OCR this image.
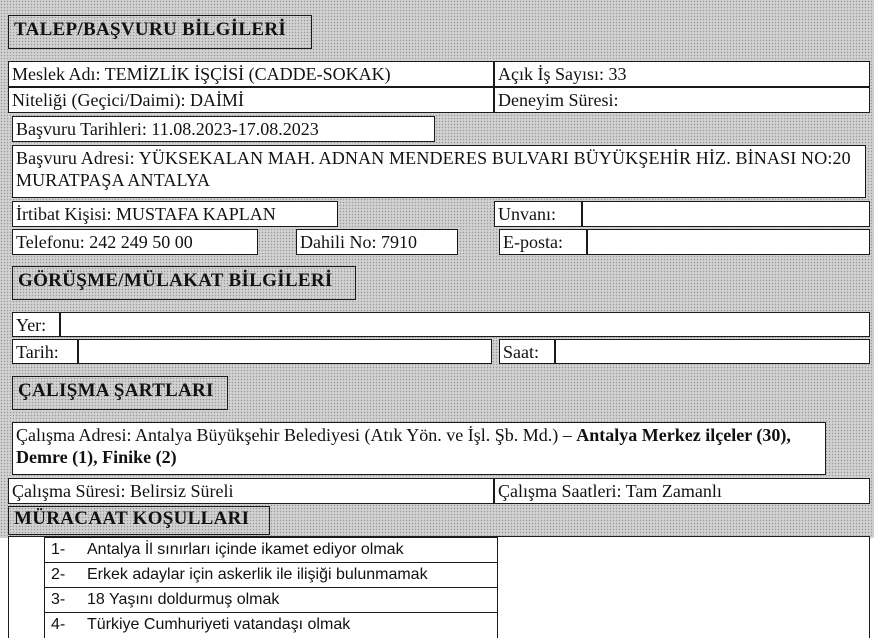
TALEP/BAŞVURU BİLGİLERİ
Meslek Adı: TEMİZLİK İŞÇİSİ (CADDE-SOKAK)	Açık İş Sayısı: 33
Niteliği (Geçici/Daimi): DAİMİ	Deneyim Süresi:
Başvuru Tarihleri: 11.08.2023-17.08.2023
Başvuru Adresi: YÜKSEKALAN MAH. ADNAN MENDERES BULVARI BÜYÜKŞEHİR HİZ. BİNASI NO:20 MURATPAŞA ANTALYA
İrtibat Kişisi: MUSTAFA KAPLAN	Unvanı:
Telefonu: 242 249 50 00	Dahili No: 7910	E-posta:
GÖRÜŞME/MÜLAKAT BİLGİLERİ
Yer:
Tarih:	Saat:
ÇALIŞMA ŞARTLARI
Çalışma Adresi: Antalya Büyükşehir Belediyesi (Atık Yön. ve İşl. Şb. Md.) – Antalya Merkez ilçeler (30), Demre (1), Finike (2)
Çalışma Süresi: Belirsiz Süreli	Çalışma Saatleri: Tam Zamanlı
MÜRACAAT KOŞULLARI
1- Antalya İl sınırları içinde ikamet ediyor olmak
2- Erkek adaylar için askerlik ile ilişiği bulunmamak
3- 18 Yaşını doldurmuş olmak
4- Türkiye Cumhuriyeti vatandaşı olmak
